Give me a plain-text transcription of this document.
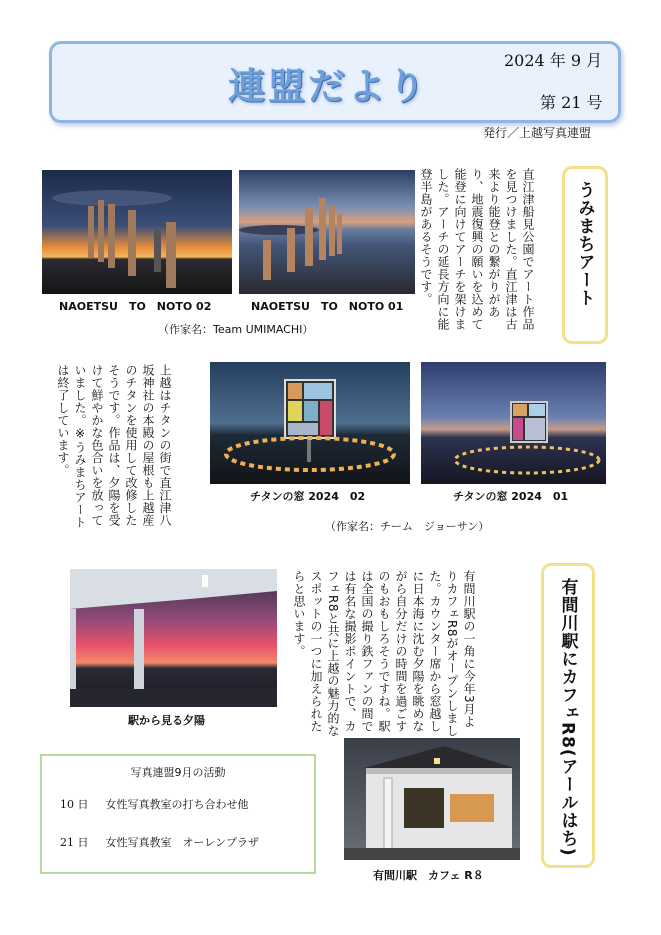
連盟だより
2024 年 9 月
第 21 号
発行／上越写真連盟
うみまちアート
直江津船見公園でアート作品を見つけました。直江津は古来より能登との繋がりがあり、地震復興の願いを込めて能登に向けてアーチを架けました。アーチの延長方向に能登半島があるそうです。
NAOETSU　TO　NOTO 02	NAOETSU　TO　NOTO 01
（作家名：Team UMIMACHI）
上越はチタンの街で直江津八坂神社の本殿の屋根も上越産のチタンを使用して改修したそうです。作品は、夕陽を受けて鮮やかな色合いを放っていました。※うみまちアートは終了しています。
チタンの窓 2024　02	チタンの窓 2024　01
（作家名：チーム　ジョーサン）
有間川駅にカフェR8(アールはち)
有間川駅の一角に今年3月よりカフェR8がオープンしました。カウンター席から窓越しに日本海に沈む夕陽を眺めながら自分だけの時間を過ごすのもおもしろそうですね。駅は全国の撮り鉄ファンの間では有名な撮影ポイントで、カフェR8と共に上越の魅力的なスポットの一つに加えられたらと思います。
駅から見る夕陽
有間川駅　カフェ R８
写真連盟9月の活動
10 日 女性写真教室の打ち合わせ他
21 日 女性写真教室　オーレンプラザ
